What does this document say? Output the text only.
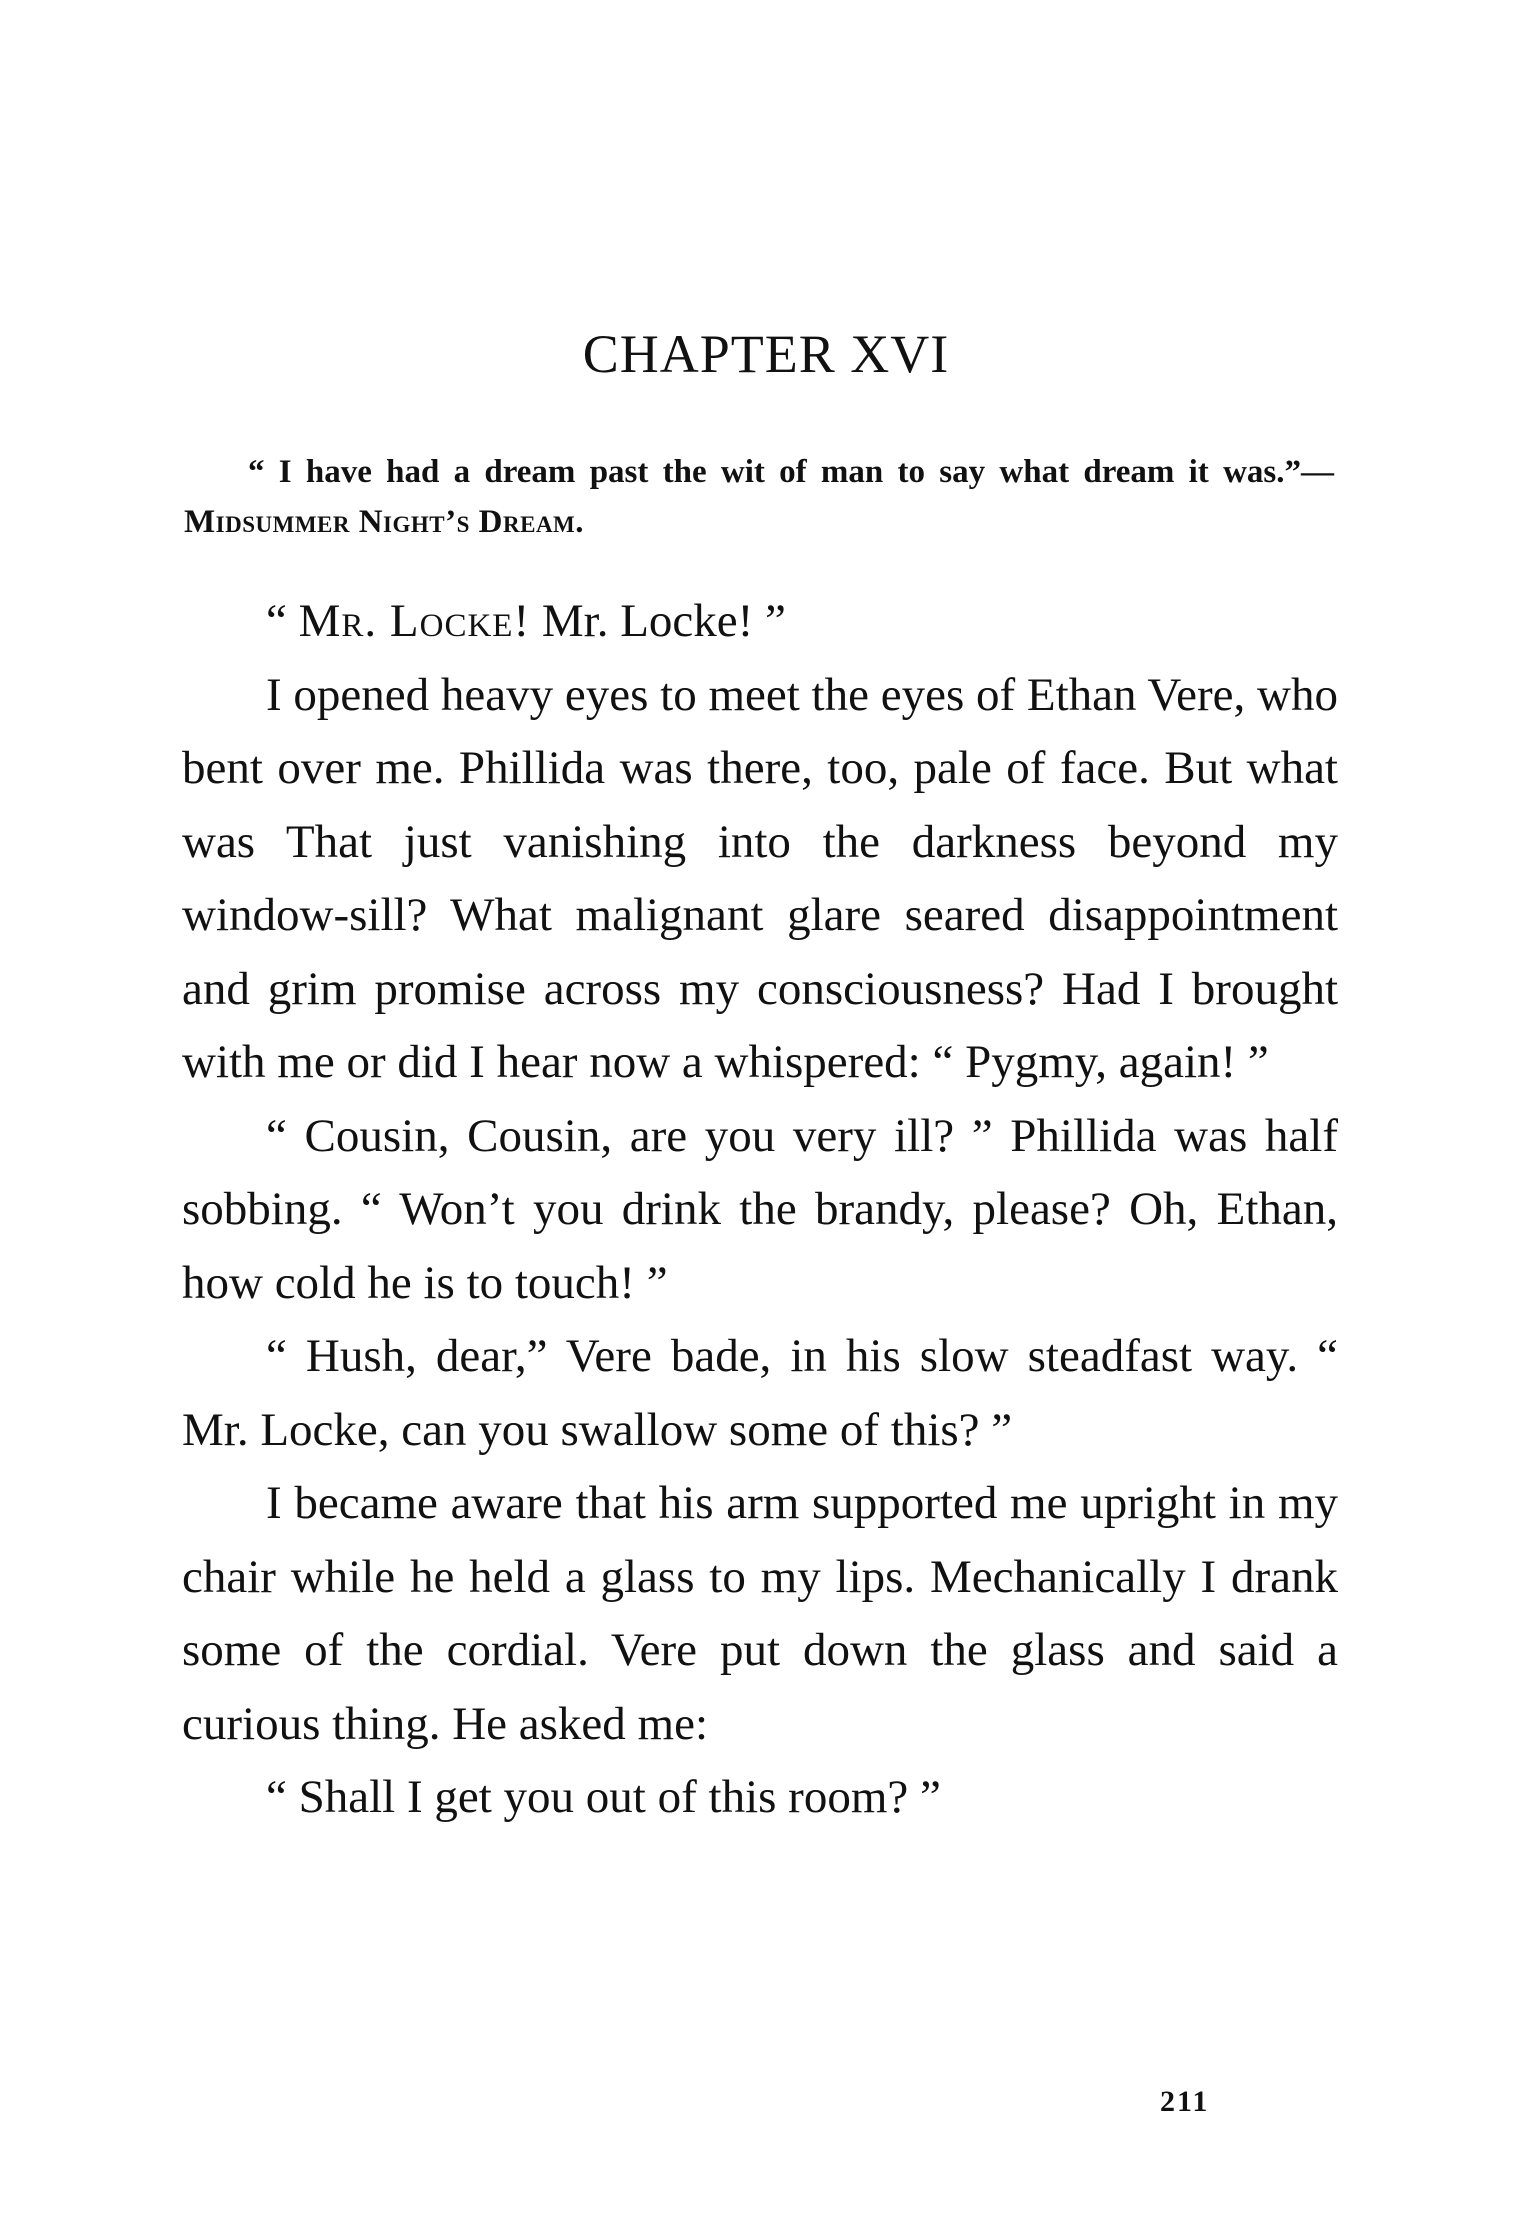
CHAPTER XVI
“ I have had a dream past the wit of man to say what dream it was.”—Midsummer Night’s Dream.

“ Mr. Locke! Mr. Locke! ”

I opened heavy eyes to meet the eyes of Ethan Vere, who bent over me. Phillida was there, too, pale of face. But what was That just vanishing into the darkness beyond my window-sill? What malignant glare seared disappointment and grim promise across my consciousness? Had I brought with me or did I hear now a whispered: “ Pygmy, again! ”

“ Cousin, Cousin, are you very ill? ” Phillida was half sobbing. “ Won’t you drink the brandy, please? Oh, Ethan, how cold he is to touch! ”

“ Hush, dear,” Vere bade, in his slow steadfast way. “ Mr. Locke, can you swallow some of this? ”

I became aware that his arm supported me upright in my chair while he held a glass to my lips. Mechanically I drank some of the cordial. Vere put down the glass and said a curious thing. He asked me:

“ Shall I get you out of this room? ”

211
